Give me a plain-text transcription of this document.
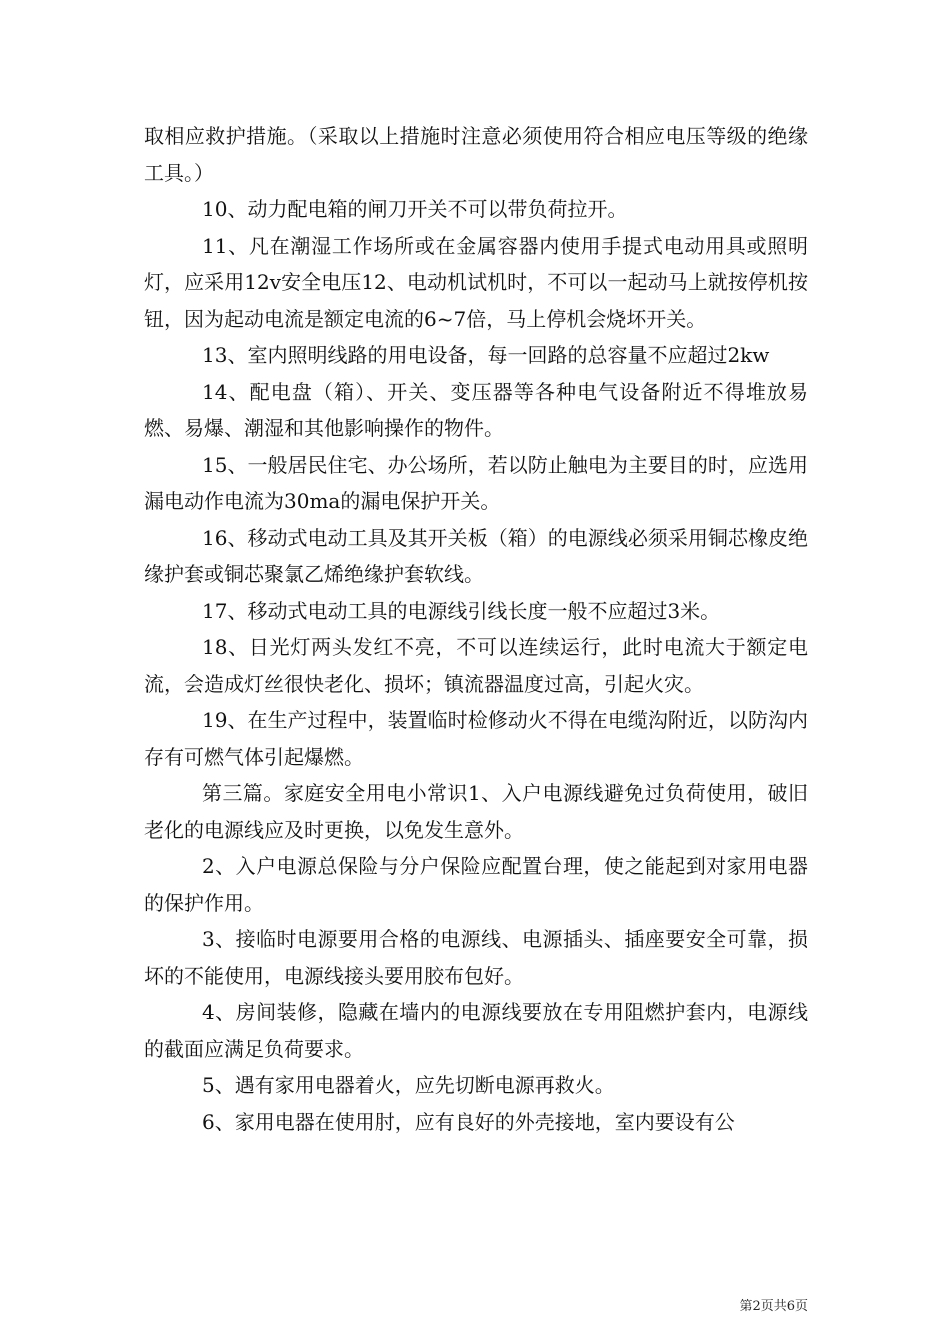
取相应救护措施。（采取以上措施时注意必须使用符合相应电压等级的绝缘工具。）

10、动力配电箱的闸刀开关不可以带负荷拉开。

11、凡在潮湿工作场所或在金属容器内使用手提式电动用具或照明灯，应采用12v安全电压12、电动机试机时，不可以一起动马上就按停机按钮，因为起动电流是额定电流的6~7倍，马上停机会烧坏开关。

13、室内照明线路的用电设备，每一回路的总容量不应超过2kw

14、配电盘（箱）、开关、变压器等各种电气设备附近不得堆放易燃、易爆、潮湿和其他影响操作的物件。

15、一般居民住宅、办公场所，若以防止触电为主要目的时，应选用漏电动作电流为30ma的漏电保护开关。

16、移动式电动工具及其开关板（箱）的电源线必须采用铜芯橡皮绝缘护套或铜芯聚氯乙烯绝缘护套软线。

17、移动式电动工具的电源线引线长度一般不应超过3米。

18、日光灯两头发红不亮，不可以连续运行，此时电流大于额定电流，会造成灯丝很快老化、损坏；镇流器温度过高，引起火灾。

19、在生产过程中，装置临时检修动火不得在电缆沟附近，以防沟内存有可燃气体引起爆燃。

第三篇。家庭安全用电小常识1、入户电源线避免过负荷使用，破旧老化的电源线应及时更换，以免发生意外。

2、入户电源总保险与分户保险应配置台理，使之能起到对家用电器的保护作用。

3、接临时电源要用合格的电源线、电源插头、插座要安全可靠，损坏的不能使用，电源线接头要用胶布包好。

4、房间装修，隐藏在墙内的电源线要放在专用阻燃护套内，电源线的截面应满足负荷要求。

5、遇有家用电器着火，应先切断电源再救火。

6、家用电器在使用肘，应有良好的外壳接地，室内要设有公

第2页共6页
